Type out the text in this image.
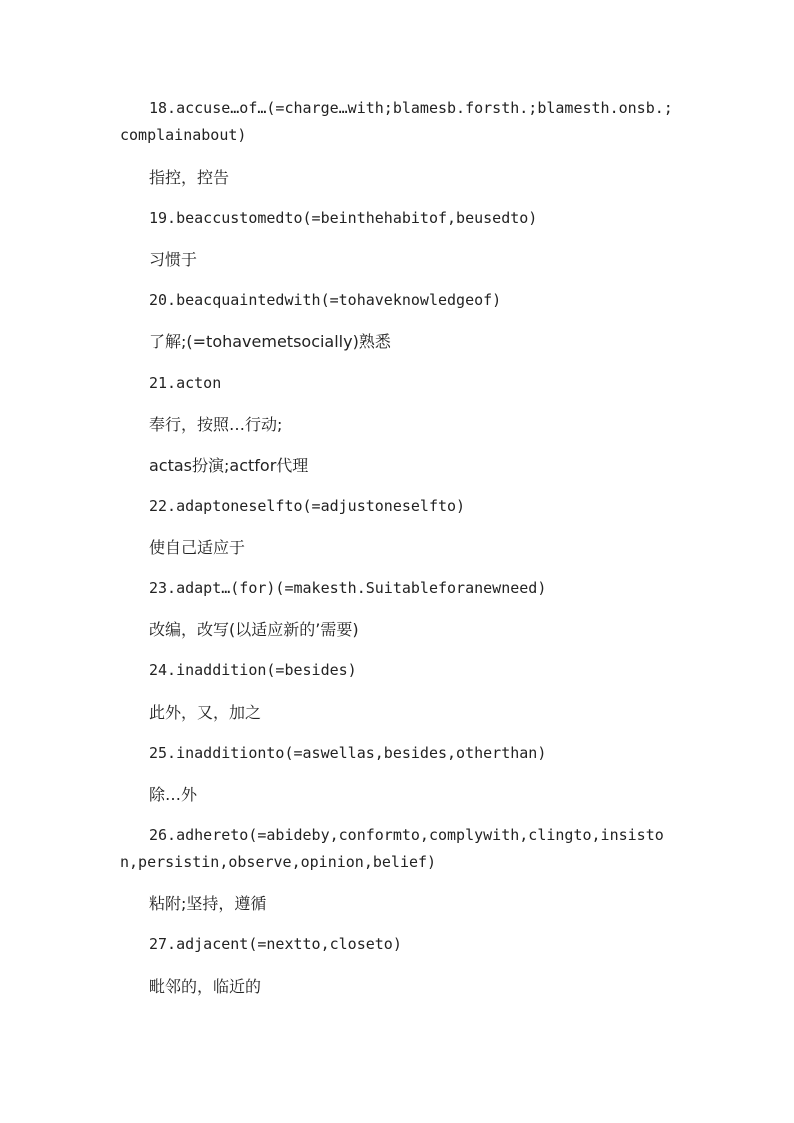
18.accuse…of…(=charge…with;blamesb.forsth.;blamesth.onsb.;complainabout)
指控，控告
19.beaccustomedto(=beinthehabitof,beusedto)
习惯于
20.beacquaintedwith(=tohaveknowledgeof)
了解;(=tohavemetsocially)熟悉
21.acton
奉行，按照…行动;
actas扮演;actfor代理
22.adaptoneselfto(=adjustoneselfto)
使自己适应于
23.adapt…(for)(=makesth.Suitableforanewneed)
改编，改写(以适应新的’需要)
24.inaddition(=besides)
此外，又，加之
25.inadditionto(=aswellas,besides,otherthan)
除…外
26.adhereto(=abideby,conformto,complywith,clingto,insiston,persistin,observe,opinion,belief)
粘附;坚持，遵循
27.adjacent(=nextto,closeto)
毗邻的，临近的
